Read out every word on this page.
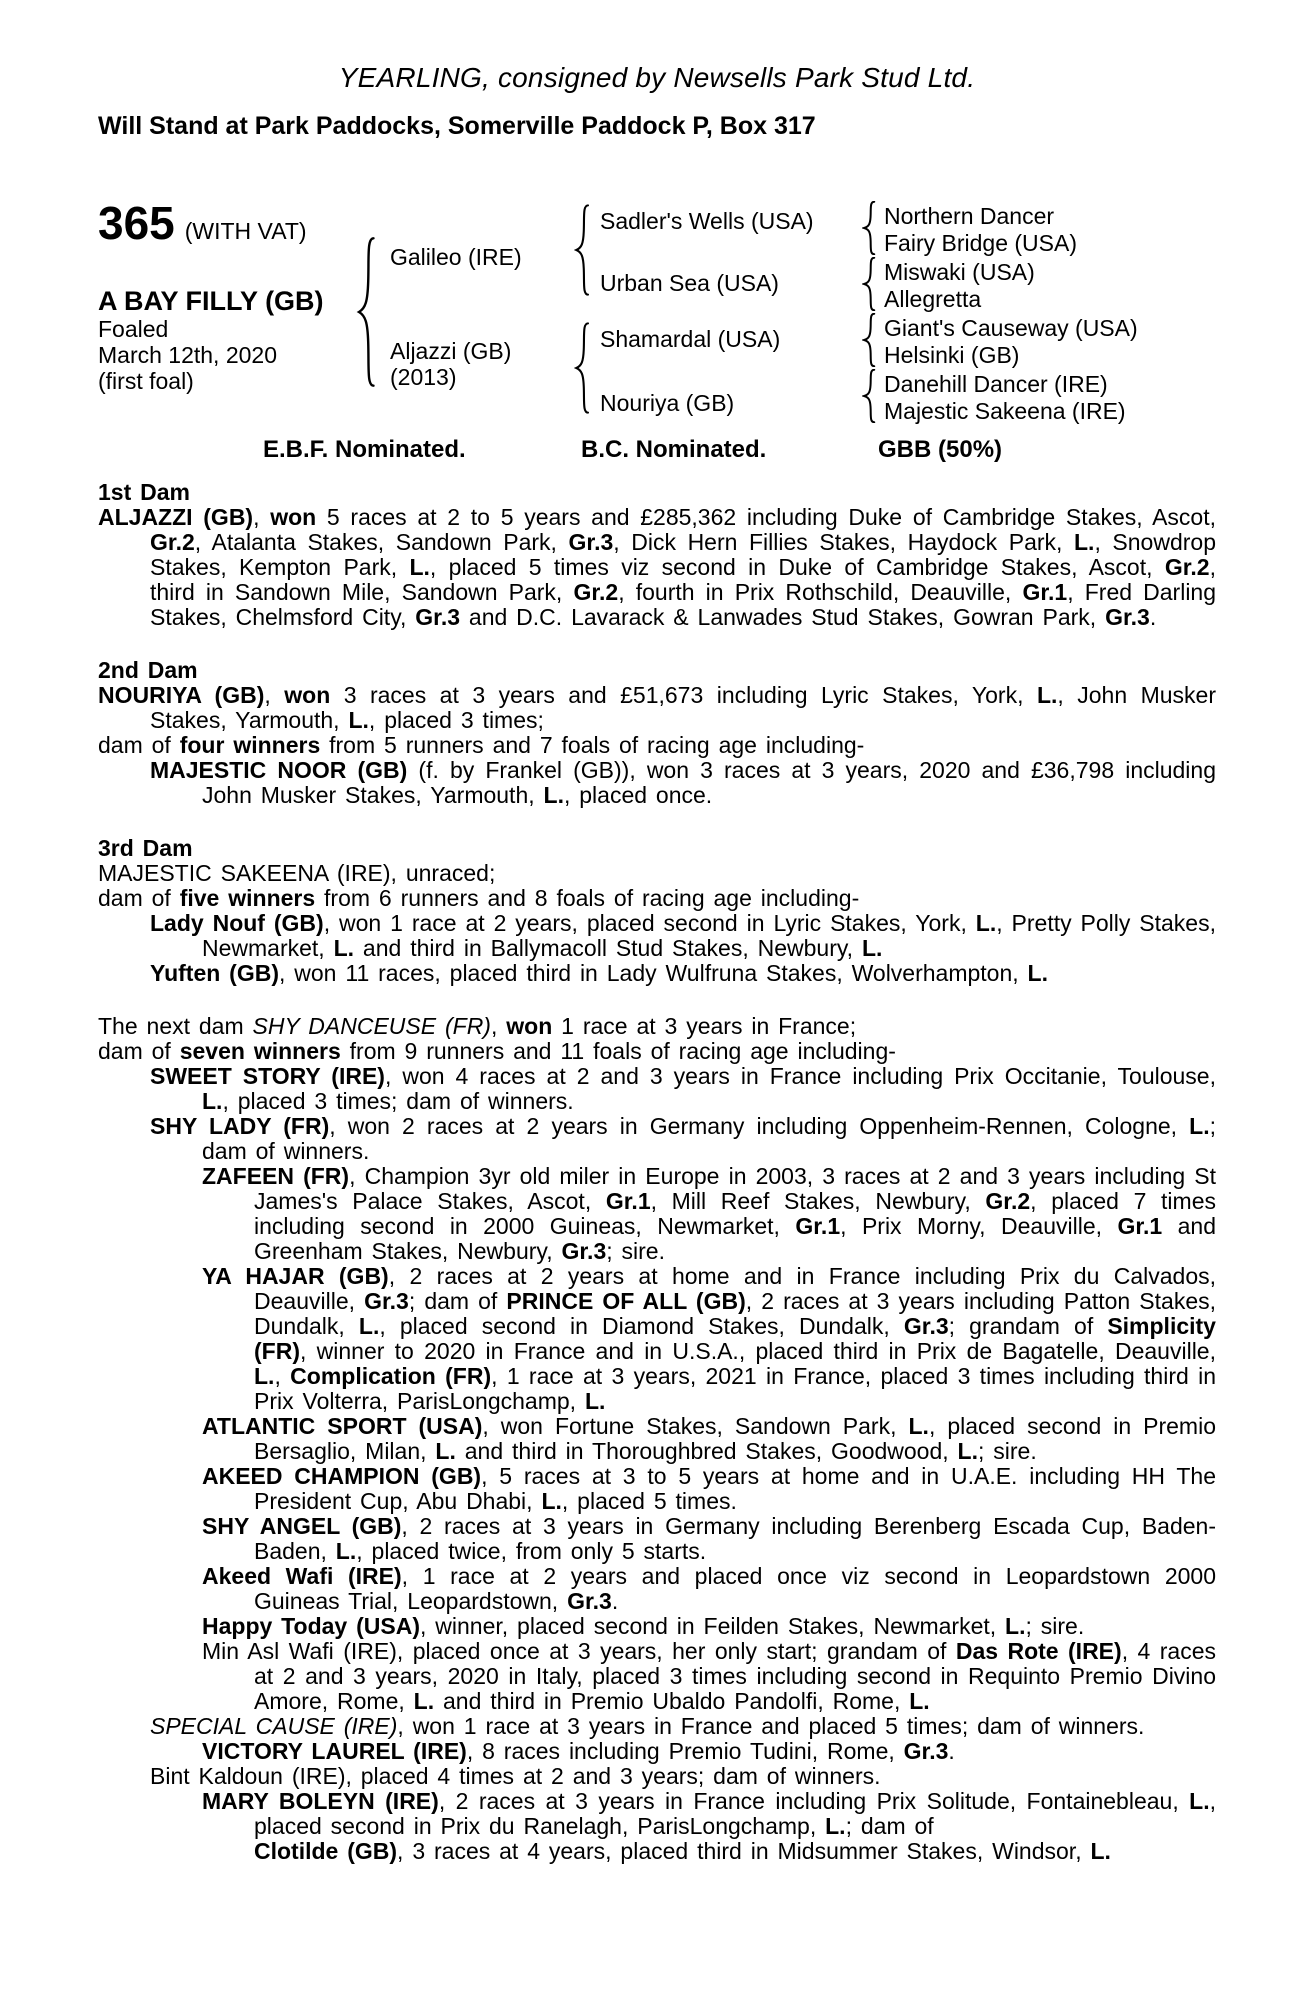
YEARLING, consigned by Newsells Park Stud Ltd.
Will Stand at Park Paddocks, Somerville Paddock P, Box 317
365 (WITH VAT)
A BAY FILLY (GB)
Foaled
March 12th, 2020
(first foal)
Galileo (IRE)
Aljazzi (GB)
(2013)
Sadler's Wells (USA)
Urban Sea (USA)
Shamardal (USA)
Nouriya (GB)
Northern Dancer
Fairy Bridge (USA)
Miswaki (USA)
Allegretta
Giant's Causeway (USA)
Helsinki (GB)
Danehill Dancer (IRE)
Majestic Sakeena (IRE)
E.B.F. Nominated.	B.C. Nominated.	GBB (50%)
1st Dam

ALJAZZI (GB), won 5 races at 2 to 5 years and £285,362 including Duke of Cambridge Stakes, Ascot, Gr.2, Atalanta Stakes, Sandown Park, Gr.3, Dick Hern Fillies Stakes, Haydock Park, L., Snowdrop Stakes, Kempton Park, L., placed 5 times viz second in Duke of Cambridge Stakes, Ascot, Gr.2, third in Sandown Mile, Sandown Park, Gr.2, fourth in Prix Rothschild, Deauville, Gr.1, Fred Darling Stakes, Chelmsford City, Gr.3 and D.C. Lavarack & Lanwades Stud Stakes, Gowran Park, Gr.3.

2nd Dam

NOURIYA (GB), won 3 races at 3 years and £51,673 including Lyric Stakes, York, L., John Musker Stakes, Yarmouth, L., placed 3 times;

dam of four winners from 5 runners and 7 foals of racing age including-

MAJESTIC NOOR (GB) (f. by Frankel (GB)), won 3 races at 3 years, 2020 and £36,798 including John Musker Stakes, Yarmouth, L., placed once.

3rd Dam

MAJESTIC SAKEENA (IRE), unraced;

dam of five winners from 6 runners and 8 foals of racing age including-

Lady Nouf (GB), won 1 race at 2 years, placed second in Lyric Stakes, York, L., Pretty Polly Stakes, Newmarket, L. and third in Ballymacoll Stud Stakes, Newbury, L.

Yuften (GB), won 11 races, placed third in Lady Wulfruna Stakes, Wolverhampton, L.

The next dam SHY DANCEUSE (FR), won 1 race at 3 years in France;

dam of seven winners from 9 runners and 11 foals of racing age including-

SWEET STORY (IRE), won 4 races at 2 and 3 years in France including Prix Occitanie, Toulouse, L., placed 3 times; dam of winners.

SHY LADY (FR), won 2 races at 2 years in Germany including Oppenheim-Rennen, Cologne, L.; dam of winners.

ZAFEEN (FR), Champion 3yr old miler in Europe in 2003, 3 races at 2 and 3 years including St James's Palace Stakes, Ascot, Gr.1, Mill Reef Stakes, Newbury, Gr.2, placed 7 times including second in 2000 Guineas, Newmarket, Gr.1, Prix Morny, Deauville, Gr.1 and Greenham Stakes, Newbury, Gr.3; sire.

YA HAJAR (GB), 2 races at 2 years at home and in France including Prix du Calvados, Deauville, Gr.3; dam of PRINCE OF ALL (GB), 2 races at 3 years including Patton Stakes, Dundalk, L., placed second in Diamond Stakes, Dundalk, Gr.3; grandam of Simplicity (FR), winner to 2020 in France and in U.S.A., placed third in Prix de Bagatelle, Deauville, L., Complication (FR), 1 race at 3 years, 2021 in France, placed 3 times including third in Prix Volterra, ParisLongchamp, L.

ATLANTIC SPORT (USA), won Fortune Stakes, Sandown Park, L., placed second in Premio Bersaglio, Milan, L. and third in Thoroughbred Stakes, Goodwood, L.; sire.

AKEED CHAMPION (GB), 5 races at 3 to 5 years at home and in U.A.E. including HH The President Cup, Abu Dhabi, L., placed 5 times.

SHY ANGEL (GB), 2 races at 3 years in Germany including Berenberg Escada Cup, Baden-Baden, L., placed twice, from only 5 starts.

Akeed Wafi (IRE), 1 race at 2 years and placed once viz second in Leopardstown 2000 Guineas Trial, Leopardstown, Gr.3.

Happy Today (USA), winner, placed second in Feilden Stakes, Newmarket, L.; sire.

Min Asl Wafi (IRE), placed once at 3 years, her only start; grandam of Das Rote (IRE), 4 races at 2 and 3 years, 2020 in Italy, placed 3 times including second in Requinto Premio Divino Amore, Rome, L. and third in Premio Ubaldo Pandolfi, Rome, L.

SPECIAL CAUSE (IRE), won 1 race at 3 years in France and placed 5 times; dam of winners.

VICTORY LAUREL (IRE), 8 races including Premio Tudini, Rome, Gr.3.

Bint Kaldoun (IRE), placed 4 times at 2 and 3 years; dam of winners.

MARY BOLEYN (IRE), 2 races at 3 years in France including Prix Solitude, Fontainebleau, L., placed second in Prix du Ranelagh, ParisLongchamp, L.; dam of

Clotilde (GB), 3 races at 4 years, placed third in Midsummer Stakes, Windsor, L.
